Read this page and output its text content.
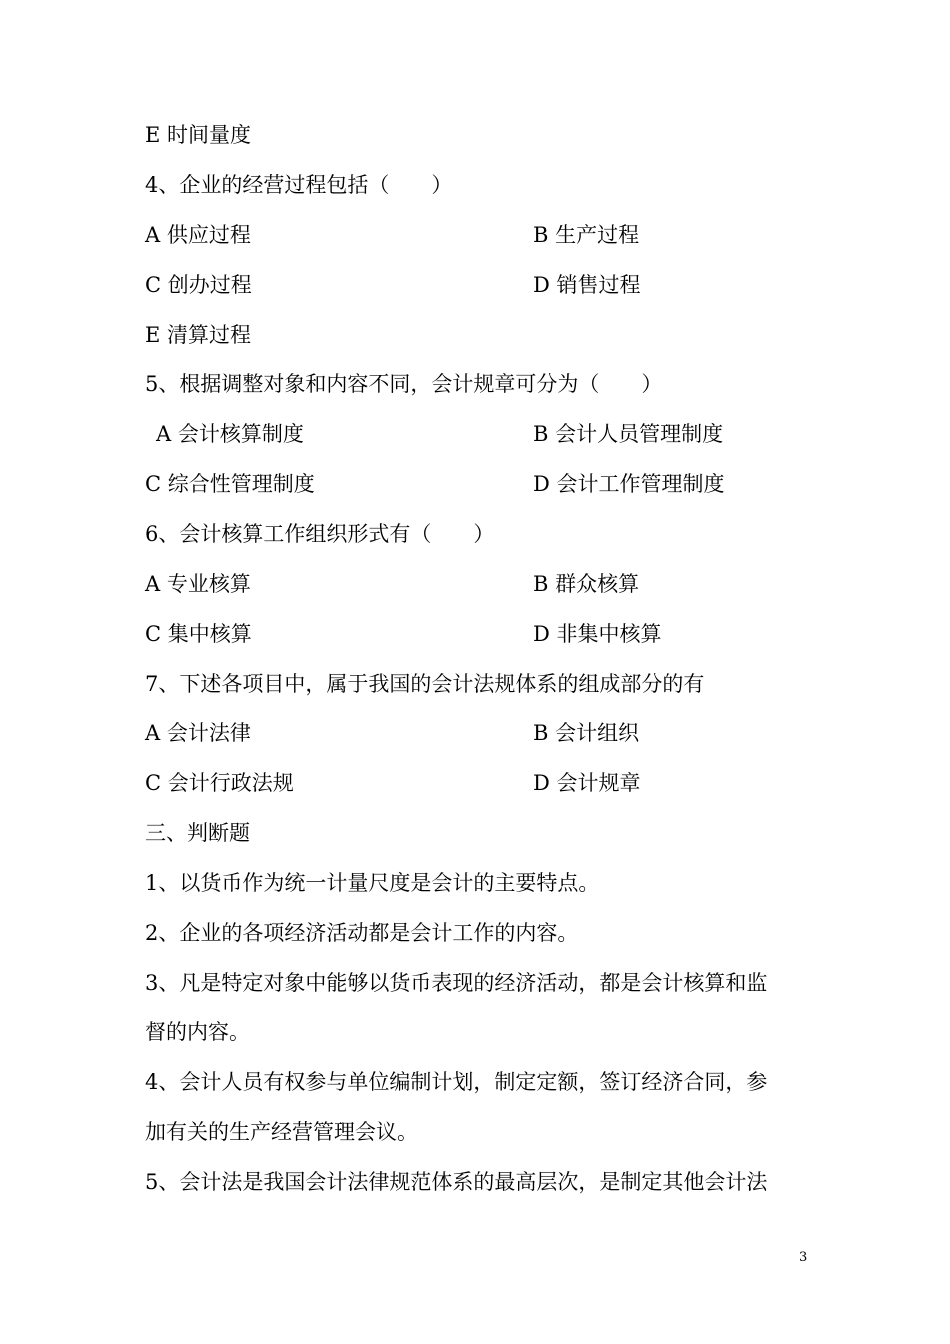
E 时间量度
4、企业的经营过程包括（　　）
A 供应过程	B 生产过程
C 创办过程	D 销售过程
E 清算过程
5、根据调整对象和内容不同，会计规章可分为（　　）
A 会计核算制度	B 会计人员管理制度
C 综合性管理制度	D 会计工作管理制度
6、会计核算工作组织形式有（　　）
A 专业核算	B 群众核算
C 集中核算	D 非集中核算
7、下述各项目中，属于我国的会计法规体系的组成部分的有
A 会计法律	B 会计组织
C 会计行政法规	D 会计规章
三、判断题
1、以货币作为统一计量尺度是会计的主要特点。
2、企业的各项经济活动都是会计工作的内容。
3、凡是特定对象中能够以货币表现的经济活动，都是会计核算和监
督的内容。
4、会计人员有权参与单位编制计划，制定定额，签订经济合同，参
加有关的生产经营管理会议。
5、会计法是我国会计法律规范体系的最高层次，是制定其他会计法
3
